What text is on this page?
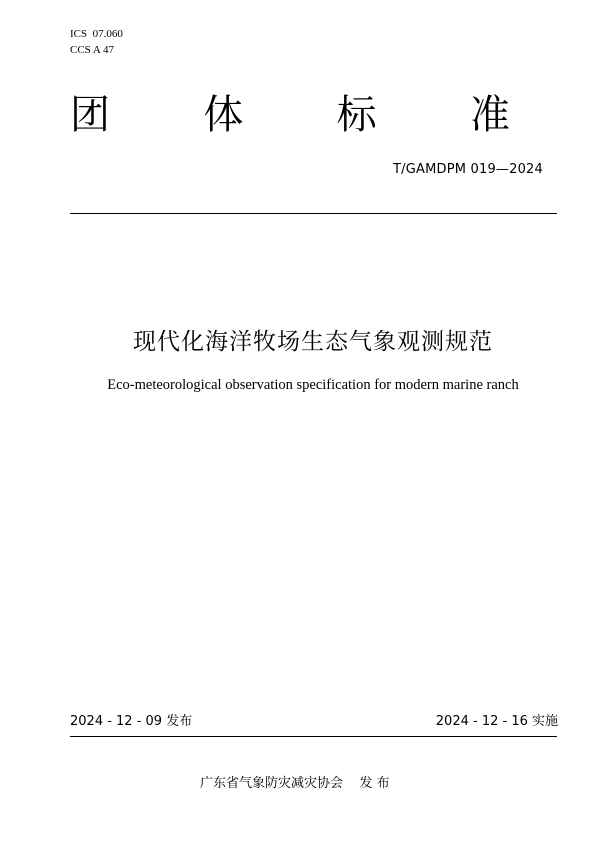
ICS  07.060
CCS A 47
团 体 标 准
T/GAMDPM 019—2024
现代化海洋牧场生态气象观测规范
Eco-meteorological observation specification for modern marine ranch
2024 - 12 - 09 发布	2024 - 12 - 16 实施
广东省气象防灾减灾协会    发 布
